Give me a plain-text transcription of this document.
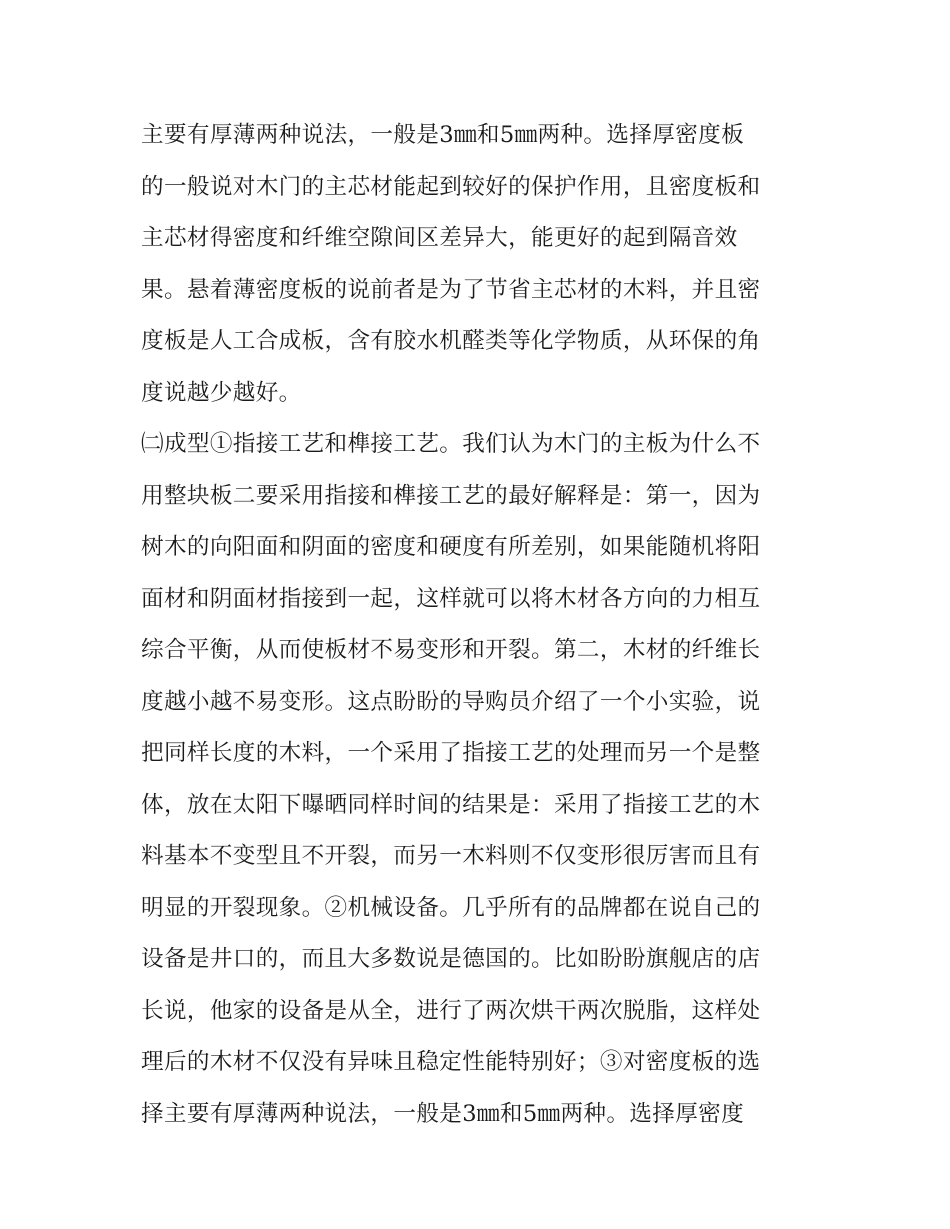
主要有厚薄两种说法，一般是3㎜和5㎜两种。选择厚密度板
的一般说对木门的主芯材能起到较好的保护作用，且密度板和
主芯材得密度和纤维空隙间区差异大，能更好的起到隔音效
果。悬着薄密度板的说前者是为了节省主芯材的木料，并且密
度板是人工合成板，含有胶水机醛类等化学物质，从环保的角
度说越少越好。
㈡成型①指接工艺和榫接工艺。我们认为木门的主板为什么不
用整块板二要采用指接和榫接工艺的最好解释是：第一，因为
树木的向阳面和阴面的密度和硬度有所差别，如果能随机将阳
面材和阴面材指接到一起，这样就可以将木材各方向的力相互
综合平衡，从而使板材不易变形和开裂。第二，木材的纤维长
度越小越不易变形。这点盼盼的导购员介绍了一个小实验，说
把同样长度的木料，一个采用了指接工艺的处理而另一个是整
体，放在太阳下曝晒同样时间的结果是：采用了指接工艺的木
料基本不变型且不开裂，而另一木料则不仅变形很厉害而且有
明显的开裂现象。②机械设备。几乎所有的品牌都在说自己的
设备是井口的，而且大多数说是德国的。比如盼盼旗舰店的店
长说，他家的设备是从全，进行了两次烘干两次脱脂，这样处
理后的木材不仅没有异味且稳定性能特别好；③对密度板的选
择主要有厚薄两种说法，一般是3㎜和5㎜两种。选择厚密度
